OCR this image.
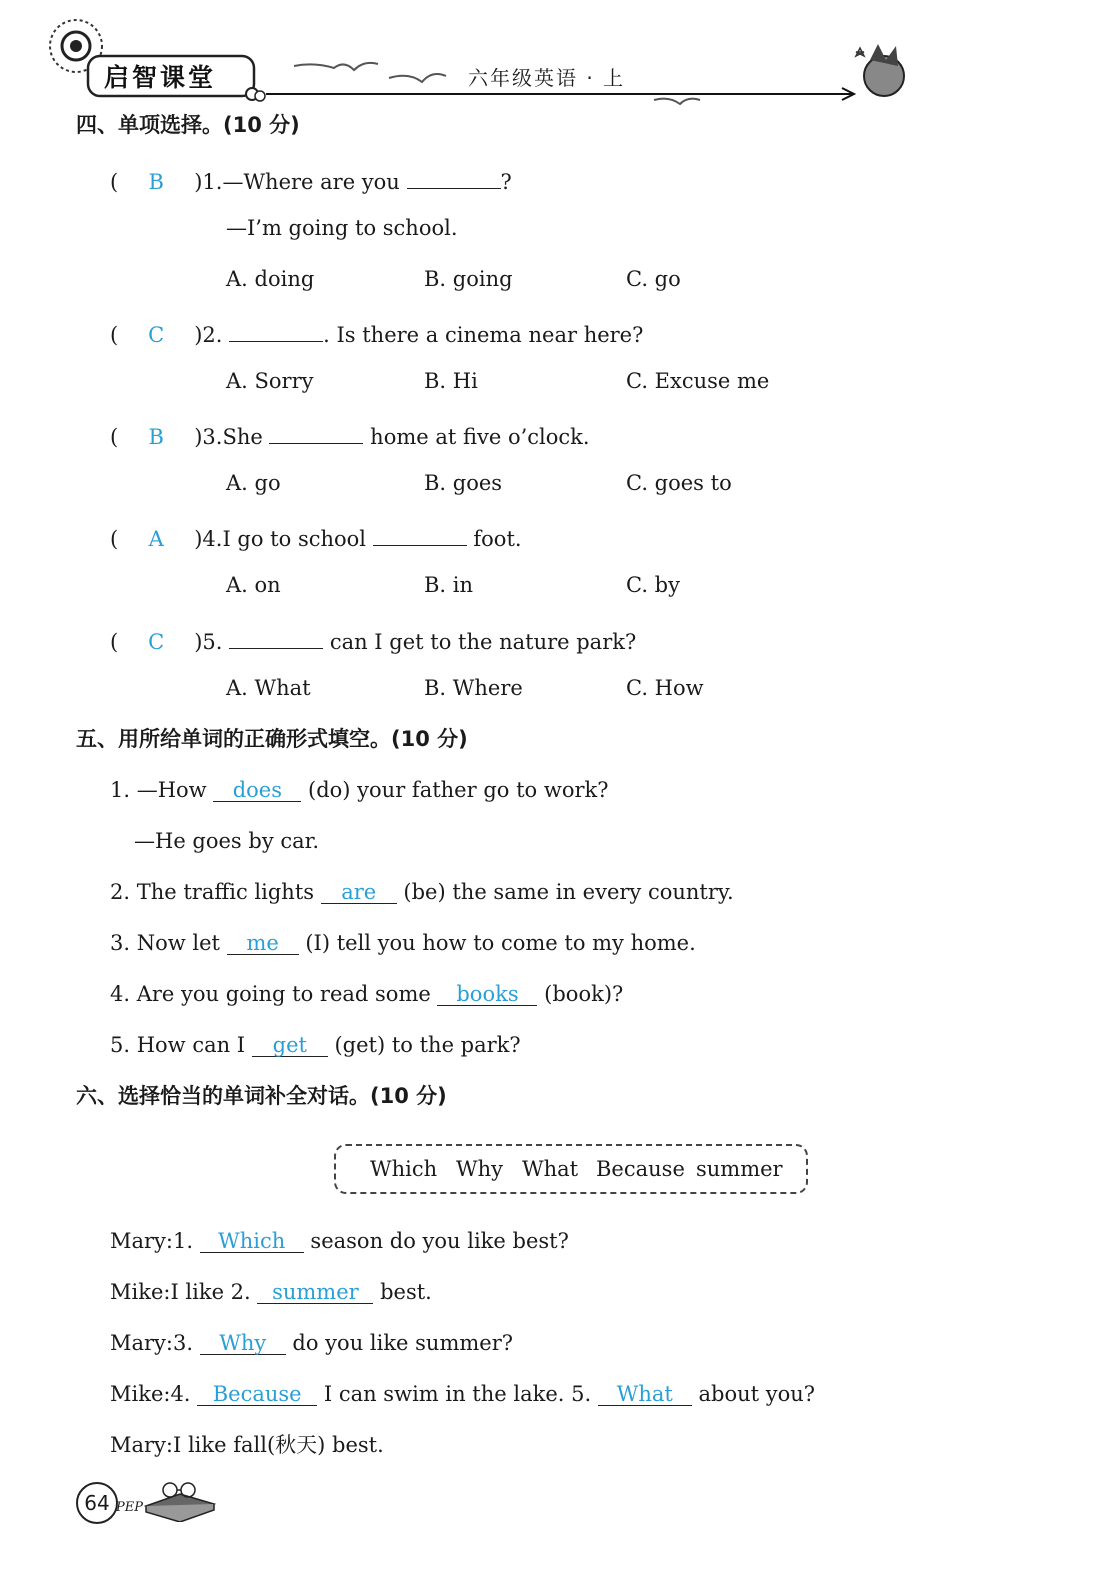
启智课堂	六年级英语 · 上
四、单项选择。(10 分)
( B )1.—Where are you	?
—I’m going to school.
A. doing	B. going	C. go
( C )2.	. Is there a cinema near here?
A. Sorry	B. Hi	C. Excuse me
( B )3.She	home at five o’clock.
A. go	B. goes	C. goes to
( A )4.I go to school	foot.
A. on	B. in	C. by
( C )5.	can I get to the nature park?
A. What	B. Where	C. How
五、用所给单词的正确形式填空。(10 分)
1. —How does (do) your father go to work?
—He goes by car.
2. The traffic lights are (be) the same in every country.
3. Now let me (I) tell you how to come to my home.
4. Are you going to read some books (book)?
5. How can I get (get) to the park?
六、选择恰当的单词补全对话。(10 分)
Which Why What Because summer
Mary:1. Which season do you like best?
Mike:I like 2. summer best.
Mary:3. Why do you like summer?
Mike:4. Because I can swim in the lake. 5. What about you?
Mary:I like fall(秋天) best.
64 PEP
